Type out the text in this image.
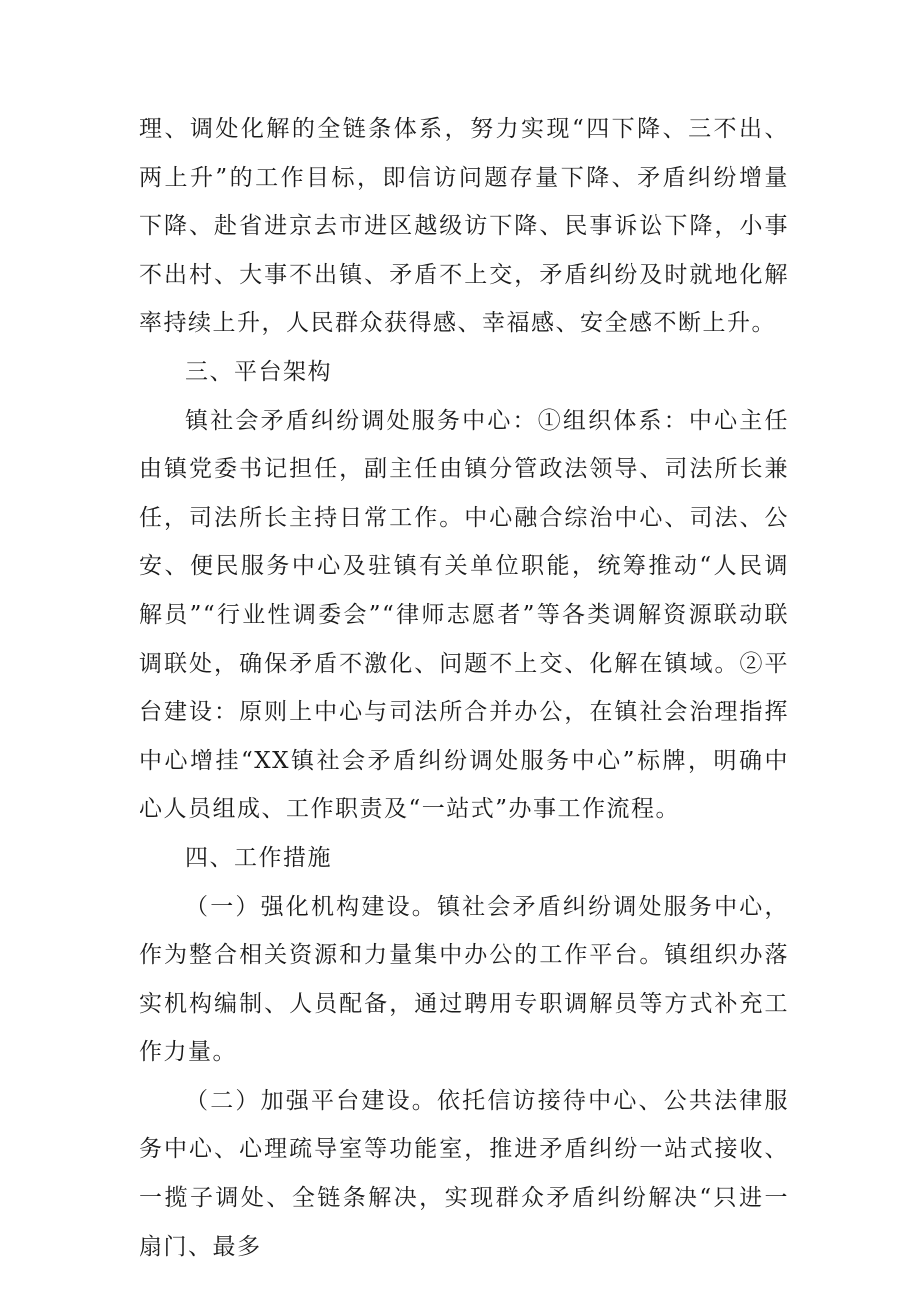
理、调处化解的全链条体系，努力实现“四下降、三不出、两上升”的工作目标，即信访问题存量下降、矛盾纠纷增量下降、赴省进京去市进区越级访下降、民事诉讼下降，小事不出村、大事不出镇、矛盾不上交，矛盾纠纷及时就地化解率持续上升，人民群众获得感、幸福感、安全感不断上升。

三、平台架构

镇社会矛盾纠纷调处服务中心：①组织体系：中心主任由镇党委书记担任，副主任由镇分管政法领导、司法所长兼任，司法所长主持日常工作。中心融合综治中心、司法、公安、便民服务中心及驻镇有关单位职能，统筹推动“人民调解员”“行业性调委会”“律师志愿者”等各类调解资源联动联调联处，确保矛盾不激化、问题不上交、化解在镇域。②平台建设：原则上中心与司法所合并办公，在镇社会治理指挥中心增挂“XX镇社会矛盾纠纷调处服务中心”标牌，明确中心人员组成、工作职责及“一站式”办事工作流程。

四、工作措施

（一）强化机构建设。镇社会矛盾纠纷调处服务中心，作为整合相关资源和力量集中办公的工作平台。镇组织办落实机构编制、人员配备，通过聘用专职调解员等方式补充工作力量。

（二）加强平台建设。依托信访接待中心、公共法律服务中心、心理疏导室等功能室，推进矛盾纠纷一站式接收、一揽子调处、全链条解决，实现群众矛盾纠纷解决“只进一扇门、最多
